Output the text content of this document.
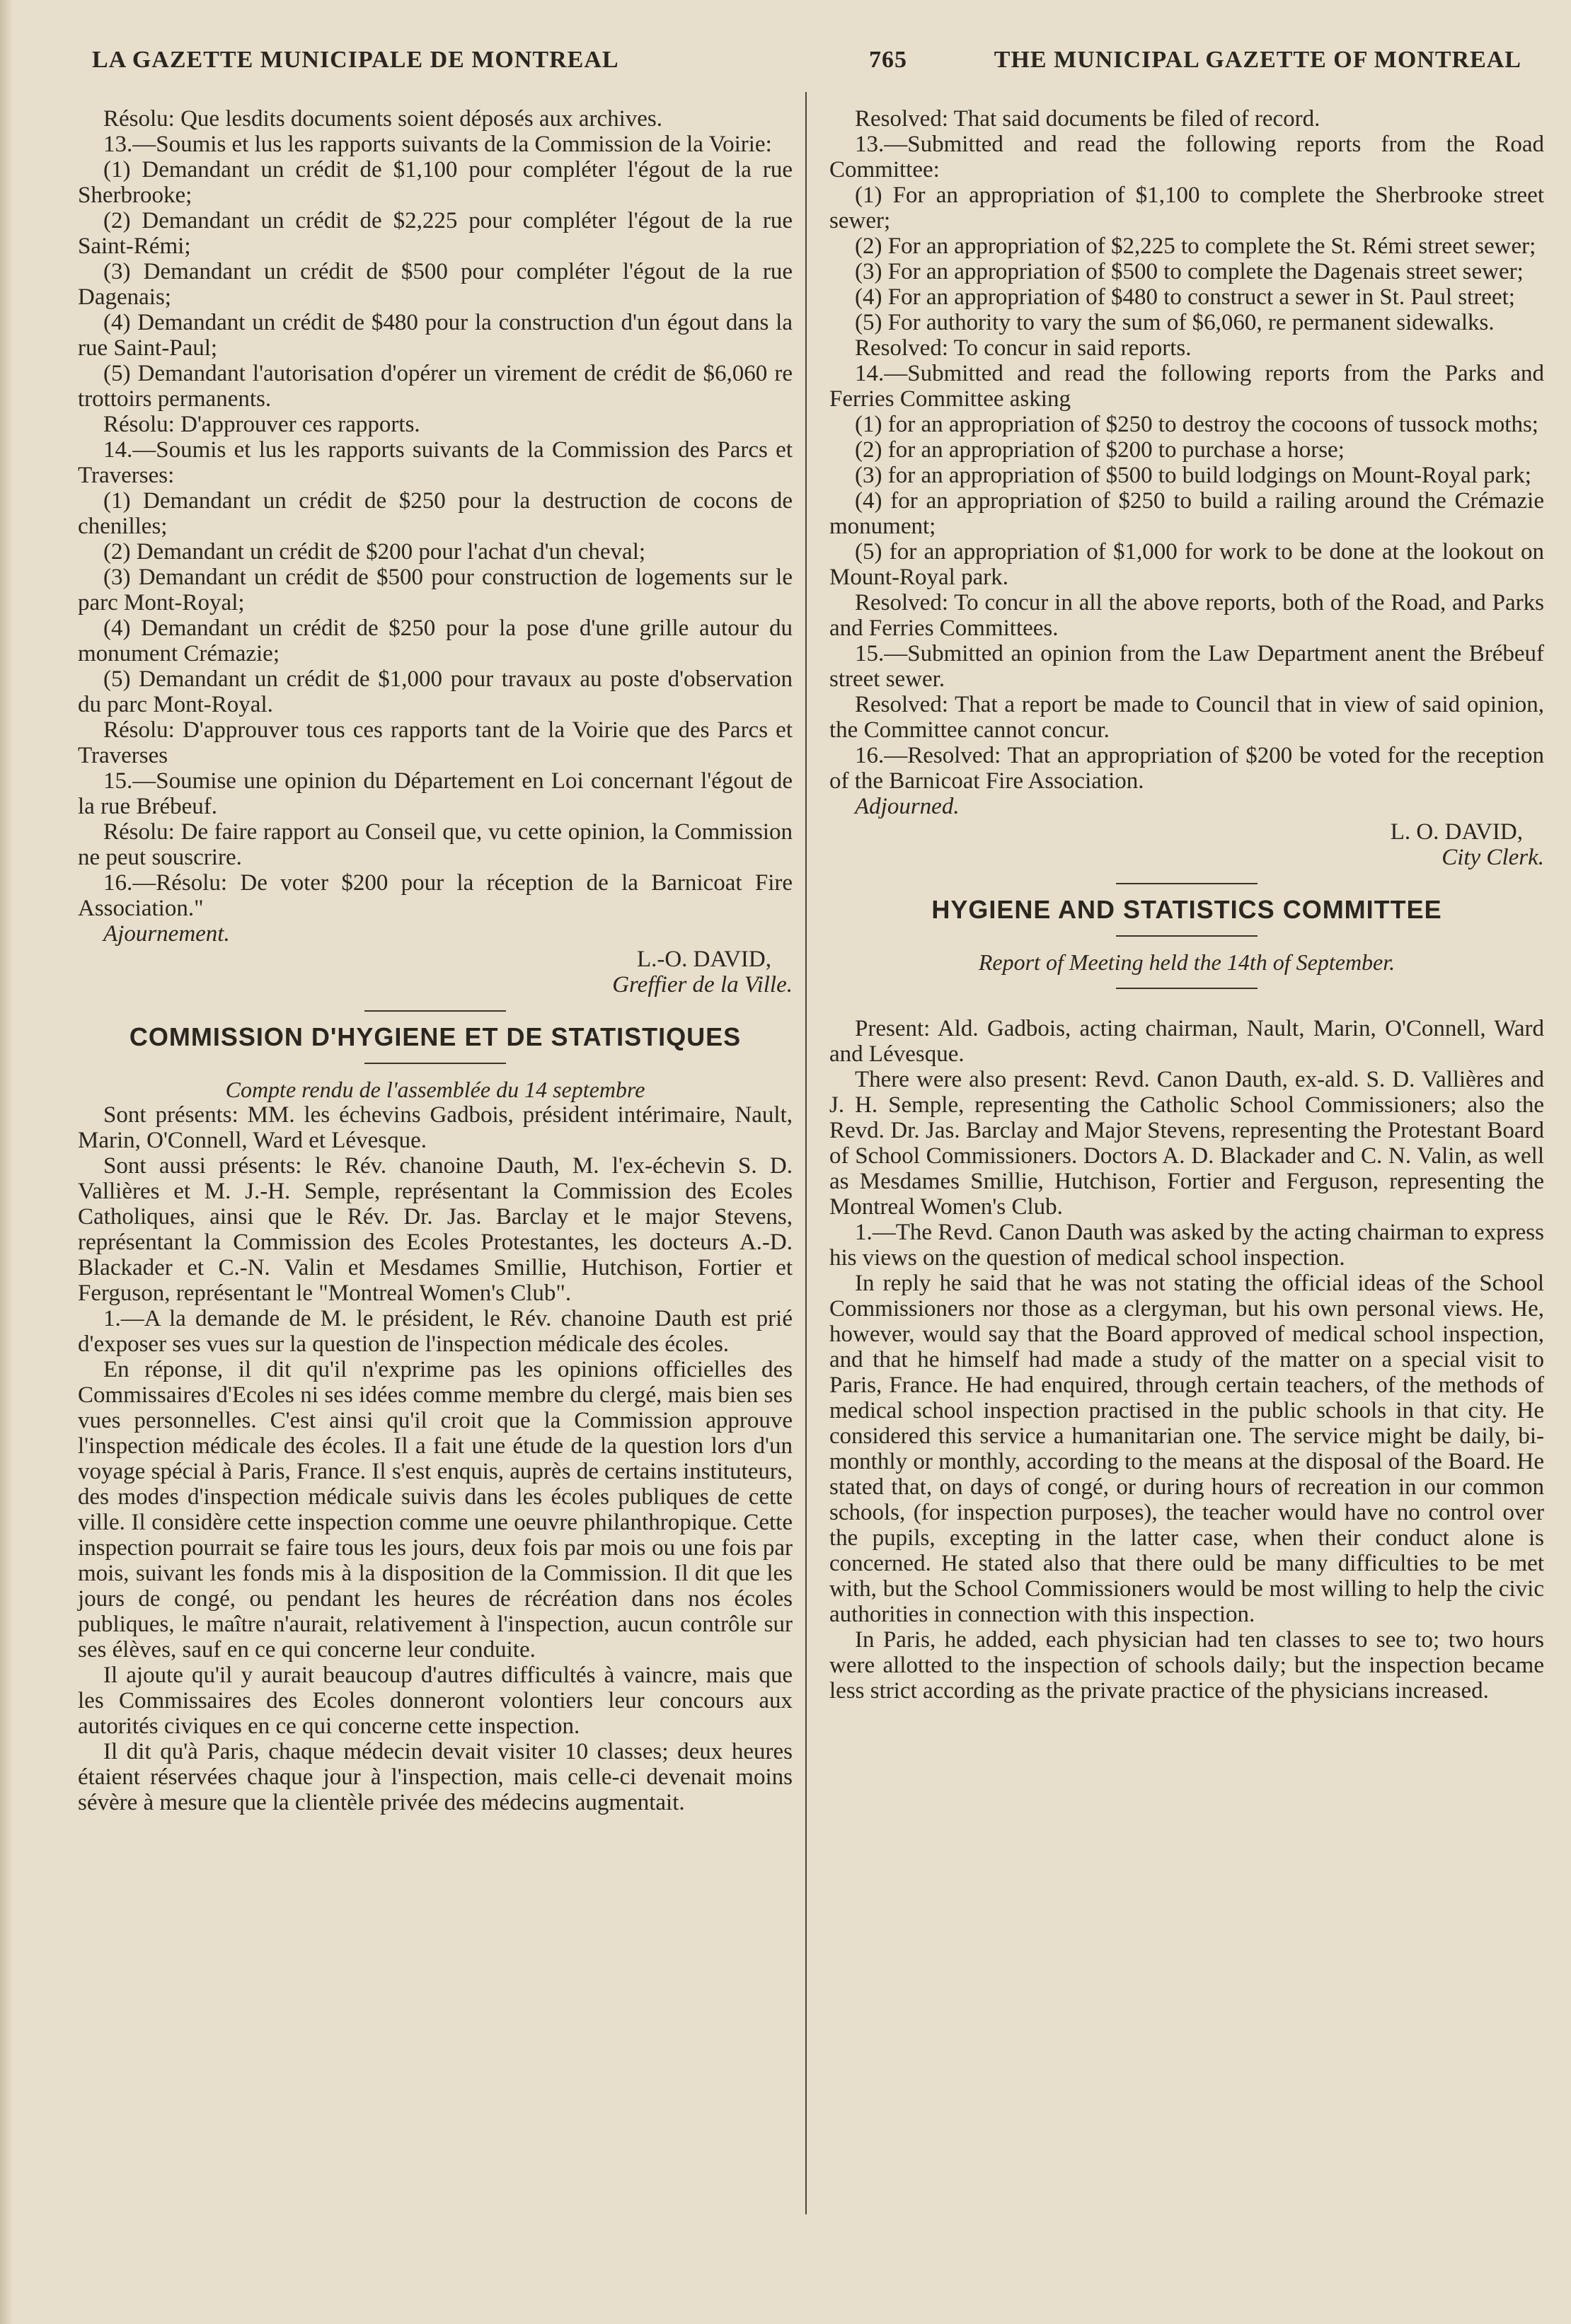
LA GAZETTE MUNICIPALE DE MONTREAL	765	THE MUNICIPAL GAZETTE OF MONTREAL

Résolu: Que lesdits documents soient déposés aux archives.

13.—Soumis et lus les rapports suivants de la Commission de la Voirie:

(1) Demandant un crédit de $1,100 pour compléter l'égout de la rue Sherbrooke;

(2) Demandant un crédit de $2,225 pour compléter l'égout de la rue Saint-Rémi;

(3) Demandant un crédit de $500 pour compléter l'égout de la rue Dagenais;

(4) Demandant un crédit de $480 pour la construction d'un égout dans la rue Saint-Paul;

(5) Demandant l'autorisation d'opérer un virement de crédit de $6,060 re trottoirs permanents.

Résolu: D'approuver ces rapports.

14.—Soumis et lus les rapports suivants de la Commission des Parcs et Traverses:

(1) Demandant un crédit de $250 pour la destruction de cocons de chenilles;

(2) Demandant un crédit de $200 pour l'achat d'un cheval;

(3) Demandant un crédit de $500 pour construction de logements sur le parc Mont-Royal;

(4) Demandant un crédit de $250 pour la pose d'une grille autour du monument Crémazie;

(5) Demandant un crédit de $1,000 pour travaux au poste d'observation du parc Mont-Royal.

Résolu: D'approuver tous ces rapports tant de la Voirie que des Parcs et Traverses

15.—Soumise une opinion du Département en Loi concernant l'égout de la rue Brébeuf.

Résolu: De faire rapport au Conseil que, vu cette opinion, la Commission ne peut souscrire.

16.—Résolu: De voter $200 pour la réception de la Barnicoat Fire Association."

Ajournement.

L.-O. DAVID,

Greffier de la Ville.

COMMISSION D'HYGIENE ET DE STATISTIQUES

Compte rendu de l'assemblée du 14 septembre

Sont présents: MM. les échevins Gadbois, président intérimaire, Nault, Marin, O'Connell, Ward et Lévesque.

Sont aussi présents: le Rév. chanoine Dauth, M. l'ex-échevin S. D. Vallières et M. J.-H. Semple, représentant la Commission des Ecoles Catholiques, ainsi que le Rév. Dr. Jas. Barclay et le major Stevens, représentant la Commission des Ecoles Protestantes, les docteurs A.-D. Blackader et C.-N. Valin et Mesdames Smillie, Hutchison, Fortier et Ferguson, représentant le "Montreal Women's Club".

1.—A la demande de M. le président, le Rév. chanoine Dauth est prié d'exposer ses vues sur la question de l'inspection médicale des écoles.

En réponse, il dit qu'il n'exprime pas les opinions officielles des Commissaires d'Ecoles ni ses idées comme membre du clergé, mais bien ses vues personnelles. C'est ainsi qu'il croit que la Commission approuve l'inspection médicale des écoles. Il a fait une étude de la question lors d'un voyage spécial à Paris, France. Il s'est enquis, auprès de certains instituteurs, des modes d'inspection médicale suivis dans les écoles publiques de cette ville. Il considère cette inspection comme une oeuvre philanthropique. Cette inspection pourrait se faire tous les jours, deux fois par mois ou une fois par mois, suivant les fonds mis à la disposition de la Commission. Il dit que les jours de congé, ou pendant les heures de récréation dans nos écoles publiques, le maître n'aurait, relativement à l'inspection, aucun contrôle sur ses élèves, sauf en ce qui concerne leur conduite.

Il ajoute qu'il y aurait beaucoup d'autres difficultés à vaincre, mais que les Commissaires des Ecoles donneront volontiers leur concours aux autorités civiques en ce qui concerne cette inspection.

Il dit qu'à Paris, chaque médecin devait visiter 10 classes; deux heures étaient réservées chaque jour à l'inspection, mais celle-ci devenait moins sévère à mesure que la clientèle privée des médecins augmentait.

Resolved: That said documents be filed of record.

13.—Submitted and read the following reports from the Road Committee:

(1) For an appropriation of $1,100 to complete the Sherbrooke street sewer;

(2) For an appropriation of $2,225 to complete the St. Rémi street sewer;

(3) For an appropriation of $500 to complete the Dagenais street sewer;

(4) For an appropriation of $480 to construct a sewer in St. Paul street;

(5) For authority to vary the sum of $6,060, re permanent sidewalks.

Resolved: To concur in said reports.

14.—Submitted and read the following reports from the Parks and Ferries Committee asking

(1) for an appropriation of $250 to destroy the cocoons of tussock moths;

(2) for an appropriation of $200 to purchase a horse;

(3) for an appropriation of $500 to build lodgings on Mount-Royal park;

(4) for an appropriation of $250 to build a railing around the Crémazie monument;

(5) for an appropriation of $1,000 for work to be done at the lookout on Mount-Royal park.

Resolved: To concur in all the above reports, both of the Road, and Parks and Ferries Committees.

15.—Submitted an opinion from the Law Department anent the Brébeuf street sewer.

Resolved: That a report be made to Council that in view of said opinion, the Committee cannot concur.

16.—Resolved: That an appropriation of $200 be voted for the reception of the Barnicoat Fire Association.

Adjourned.

L. O. DAVID,

City Clerk.

HYGIENE AND STATISTICS COMMITTEE

Report of Meeting held the 14th of September.

Present: Ald. Gadbois, acting chairman, Nault, Marin, O'Connell, Ward and Lévesque.

There were also present: Revd. Canon Dauth, ex-ald. S. D. Vallières and J. H. Semple, representing the Catholic School Commissioners; also the Revd. Dr. Jas. Barclay and Major Stevens, representing the Protestant Board of School Commissioners. Doctors A. D. Blackader and C. N. Valin, as well as Mesdames Smillie, Hutchison, Fortier and Ferguson, representing the Montreal Women's Club.

1.—The Revd. Canon Dauth was asked by the acting chairman to express his views on the question of medical school inspection.

In reply he said that he was not stating the official ideas of the School Commissioners nor those as a clergyman, but his own personal views. He, however, would say that the Board approved of medical school inspection, and that he himself had made a study of the matter on a special visit to Paris, France. He had enquired, through certain teachers, of the methods of medical school inspection practised in the public schools in that city. He considered this service a humanitarian one. The service might be daily, bi-monthly or monthly, according to the means at the disposal of the Board. He stated that, on days of congé, or during hours of recreation in our common schools, (for inspection purposes), the teacher would have no control over the pupils, excepting in the latter case, when their conduct alone is concerned. He stated also that there ould be many difficulties to be met with, but the School Commissioners would be most willing to help the civic authorities in connection with this inspection.

In Paris, he added, each physician had ten classes to see to; two hours were allotted to the inspection of schools daily; but the inspection became less strict according as the private practice of the physicians increased.
